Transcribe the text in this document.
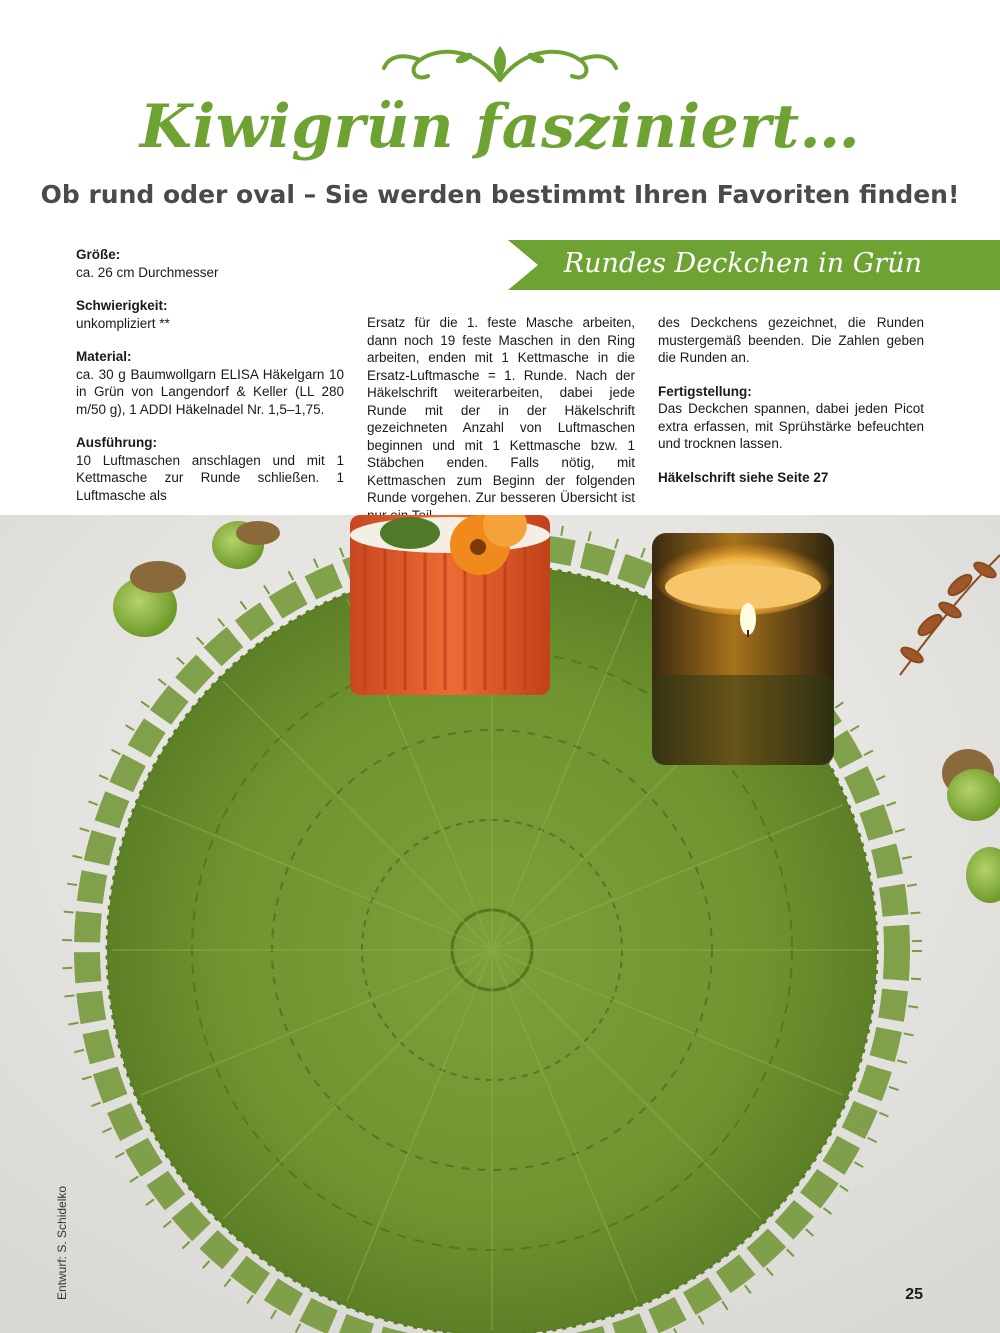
Kiwigrün fasziniert…
Ob rund oder oval – Sie werden bestimmt Ihren Favoriten finden!
Rundes Deckchen in Grün
Größe:

ca. 26 cm Durchmesser

Schwierigkeit:

unkompliziert **

Material:

ca. 30 g Baumwollgarn ELISA Häkelgarn 10 in Grün von Langendorf & Keller (LL 280 m/50 g), 1 ADDI Häkelnadel Nr. 1,5–1,75.

Ausführung:

10 Luftmaschen anschlagen und mit 1 Kettmasche zur Runde schließen. 1 Luftmasche als

Ersatz für die 1. feste Masche arbeiten, dann noch 19 feste Maschen in den Ring arbeiten, enden mit 1 Kettmasche in die Ersatz-Luftmasche = 1. Runde. Nach der Häkelschrift weiterarbeiten, dabei jede Runde mit der in der Häkelschrift gezeichneten Anzahl von Luftmaschen beginnen und mit 1 Kettmasche bzw. 1 Stäbchen enden. Falls nötig, mit Kettmaschen zum Beginn der folgenden Runde vorgehen. Zur besseren Übersicht ist

des Deckchens gezeichnet, die Runden mustergemäß beenden. Die Zahlen geben die Runden an.

Fertigstellung:

Das Deckchen spannen, dabei jeden Picot extra erfassen, mit Sprühstärke befeuchten und trocknen lassen.

Häkelschrift siehe Seite 27

Entwurf: S. Schidelko	25
